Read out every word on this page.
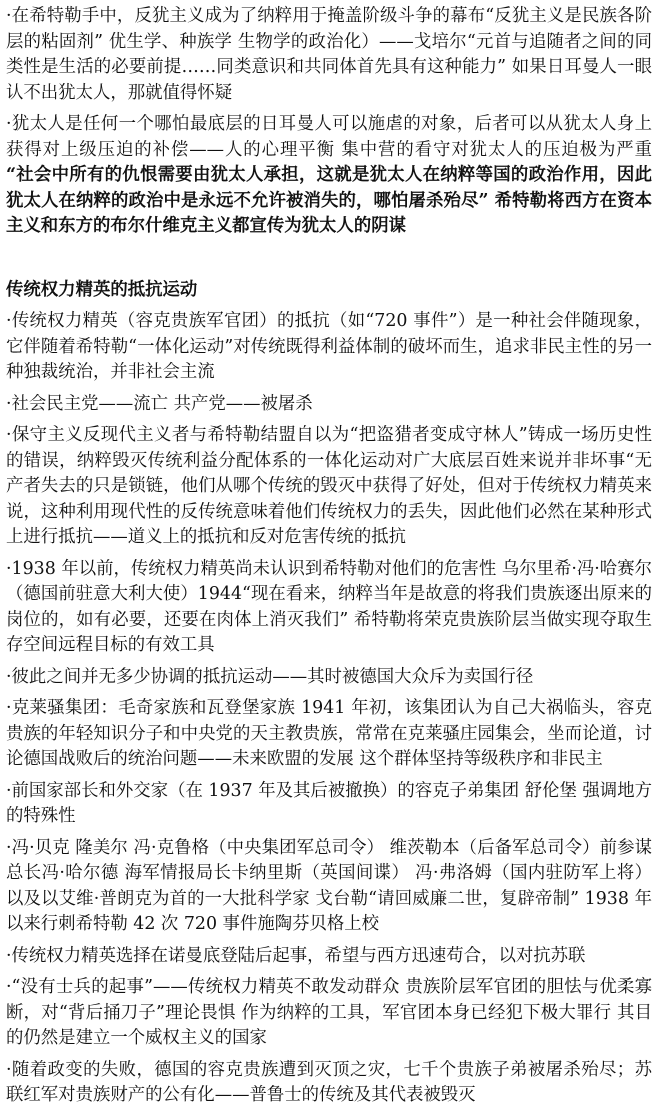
·在希特勒手中，反犹主义成为了纳粹用于掩盖阶级斗争的幕布“反犹主义是民族各阶层的粘固剂” 优生学、种族学 生物学的政治化）——戈培尔“元首与追随者之间的同类性是生活的必要前提……同类意识和共同体首先具有这种能力” 如果日耳曼人一眼认不出犹太人，那就值得怀疑

·犹太人是任何一个哪怕最底层的日耳曼人可以施虐的对象，后者可以从犹太人身上获得对上级压迫的补偿——人的心理平衡 集中营的看守对犹太人的压迫极为严重 “社会中所有的仇恨需要由犹太人承担，这就是犹太人在纳粹等国的政治作用，因此犹太人在纳粹的政治中是永远不允许被消失的，哪怕屠杀殆尽” 希特勒将西方在资本主义和东方的布尔什维克主义都宣传为犹太人的阴谋

传统权力精英的抵抗运动

·传统权力精英（容克贵族军官团）的抵抗（如“720 事件”）是一种社会伴随现象，它伴随着希特勒“一体化运动”对传统既得利益体制的破坏而生，追求非民主性的另一种独裁统治，并非社会主流

·社会民主党——流亡 共产党——被屠杀

·保守主义反现代主义者与希特勒结盟自以为“把盗猎者变成守林人”铸成一场历史性的错误，纳粹毁灭传统利益分配体系的一体化运动对广大底层百姓来说并非坏事“无产者失去的只是锁链，他们从哪个传统的毁灭中获得了好处，但对于传统权力精英来说，这种利用现代性的反传统意味着他们传统权力的丢失，因此他们必然在某种形式上进行抵抗——道义上的抵抗和反对危害传统的抵抗

·1938 年以前，传统权力精英尚未认识到希特勒对他们的危害性 乌尔里希·冯·哈赛尔（德国前驻意大利大使）1944“现在看来，纳粹当年是故意的将我们贵族逐出原来的岗位的，如有必要，还要在肉体上消灭我们” 希特勒将荣克贵族阶层当做实现夺取生存空间远程目标的有效工具

·彼此之间并无多少协调的抵抗运动——其时被德国大众斥为卖国行径

·克莱骚集团：毛奇家族和瓦登堡家族 1941 年初，该集团认为自己大祸临头，容克贵族的年轻知识分子和中央党的天主教贵族，常常在克莱骚庄园集会，坐而论道，讨论德国战败后的统治问题——未来欧盟的发展 这个群体坚持等级秩序和非民主

·前国家部长和外交家（在 1937 年及其后被撤换）的容克子弟集团 舒伦堡 强调地方的特殊性

·冯·贝克 隆美尔 冯·克鲁格（中央集团军总司令） 维茨勒本（后备军总司令）前参谋总长冯·哈尔德 海军情报局长卡纳里斯（英国间谍） 冯·弗洛姆（国内驻防军上将） 以及以艾维·普朗克为首的一大批科学家 戈台勒“请回威廉二世，复辟帝制” 1938 年以来行刺希特勒 42 次 720 事件施陶芬贝格上校

·传统权力精英选择在诺曼底登陆后起事，希望与西方迅速苟合，以对抗苏联

·“没有士兵的起事”——传统权力精英不敢发动群众 贵族阶层军官团的胆怯与优柔寡断，对“背后捅刀子”理论畏惧 作为纳粹的工具，军官团本身已经犯下极大罪行 其目的仍然是建立一个威权主义的国家

·随着政变的失败，德国的容克贵族遭到灭顶之灾，七千个贵族子弟被屠杀殆尽；苏联红军对贵族财产的公有化——普鲁士的传统及其代表被毁灭
